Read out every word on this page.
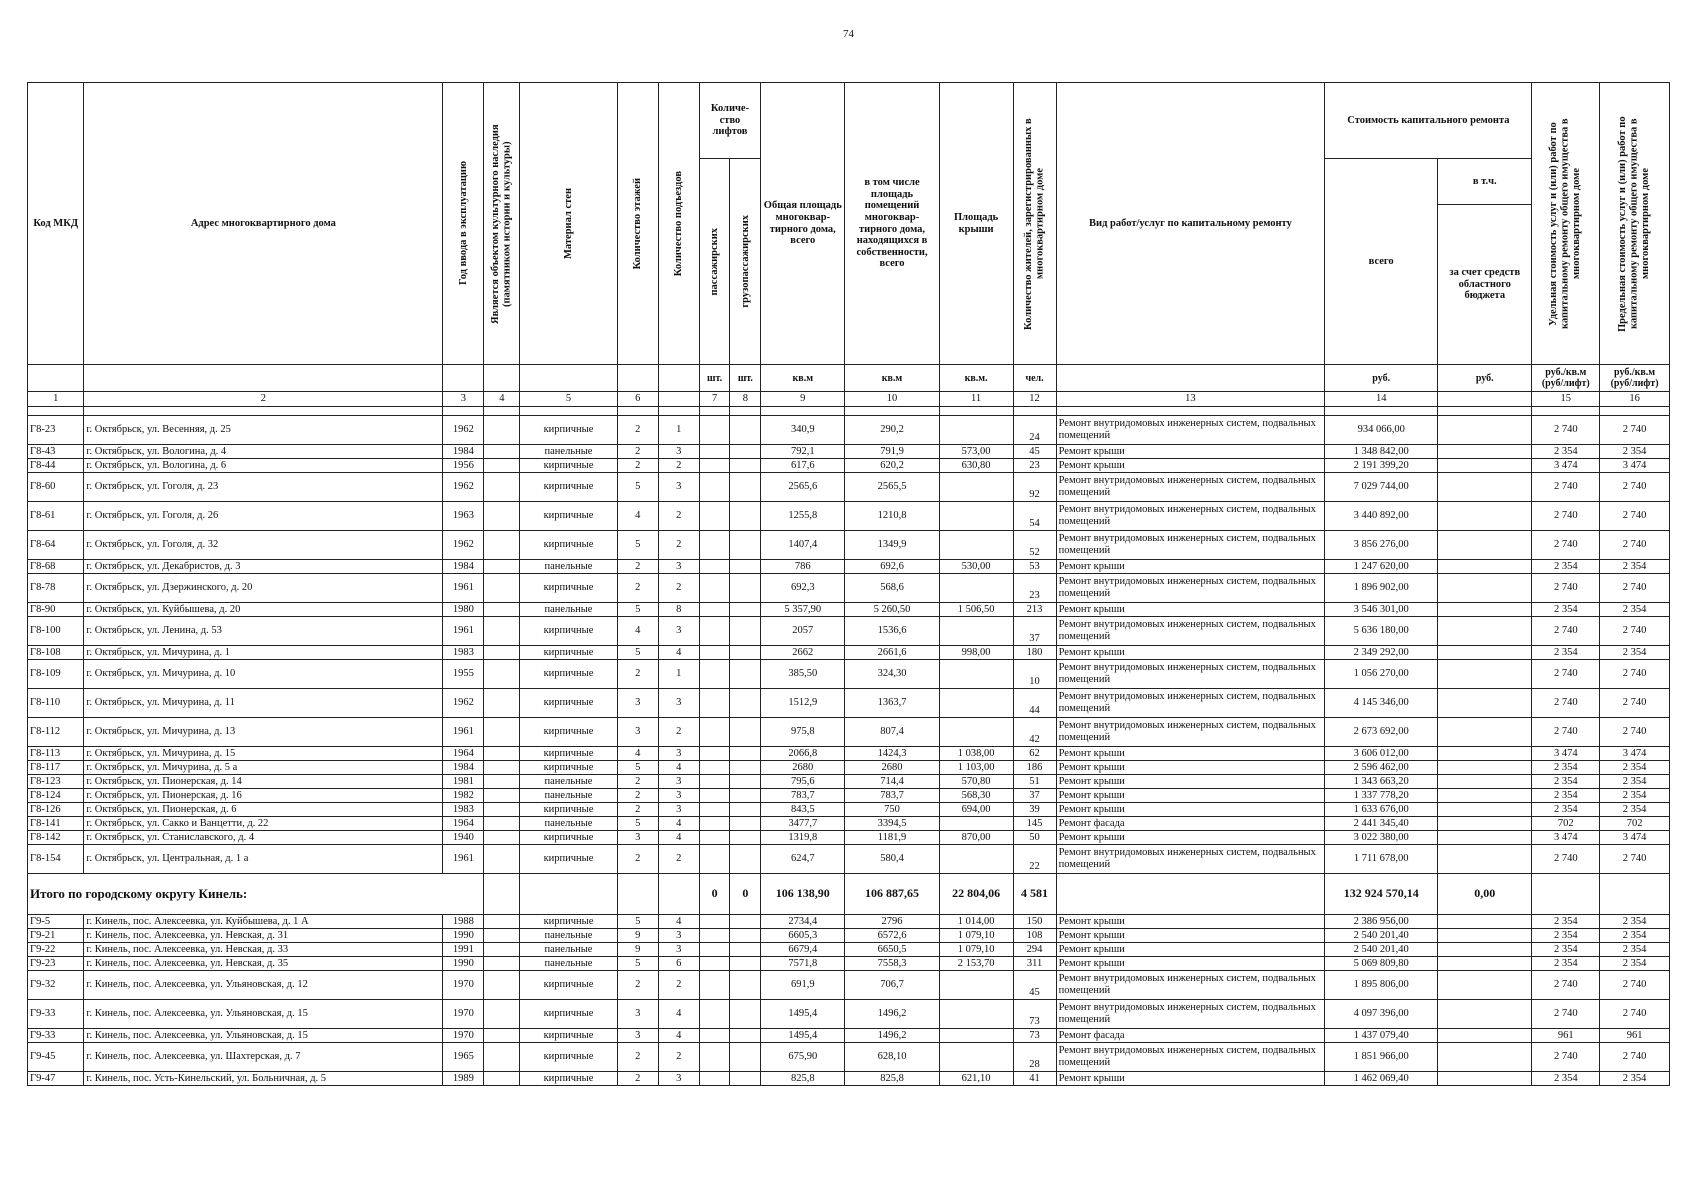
74
Код МКД	Адрес многоквартирного дома	Год ввода в эксплуатацию	Является объектом культурного наследия (памятником истории и культуры)	Материал стен	Количество этажей	Количество подъездов	Количе-ство лифтов		Общая площадь многоквар-тирного дома, всего	в том числе площадь помещений многоквар-тирного дома, находящихся в собственности, всего	Площадь крыши	Количество жителей, зарегистрированных в многоквартирном доме	Вид работ/услуг по капитальному ремонту	Стоимость капитального ремонта		Удельная стоимость услуг и (или) работ по капитальному ремонту общего имущества в многоквартирном доме	Предельная стоимость услуг и (или) работ по капитальному ремонту общего имущества в многоквартирном доме

							пассажирских	грузопассажирских						всего	в т.ч.		
															за счет средств областного бюджета		
							шт.	шт.	кв.м	кв.м	кв.м.	чел.		руб.	руб.	руб./кв.м (руб/лифт)	руб./кв.м (руб/лифт)
1	2	3	4	5	6		7	8	9	10	11	12	13	14		15	16

Г8-23	г. Октябрьск, ул. Весенняя, д. 25	1962		кирпичные	2	1			340,9	290,2		24	Ремонт внутридомовых инженерных систем, подвальных помещений	934 066,00		2 740	2 740
Г8-43	г. Октябрьск, ул. Вологина, д. 4	1984		панельные	2	3			792,1	791,9	573,00	45	Ремонт крыши	1 348 842,00		2 354	2 354
Г8-44	г. Октябрьск, ул. Вологина, д. 6	1956		кирпичные	2	2			617,6	620,2	630,80	23	Ремонт крыши	2 191 399,20		3 474	3 474
Г8-60	г. Октябрьск, ул. Гоголя, д. 23	1962		кирпичные	5	3			2565,6	2565,5		92	Ремонт внутридомовых инженерных систем, подвальных помещений	7 029 744,00		2 740	2 740
Г8-61	г. Октябрьск, ул. Гоголя, д. 26	1963		кирпичные	4	2			1255,8	1210,8		54	Ремонт внутридомовых инженерных систем, подвальных помещений	3 440 892,00		2 740	2 740
Г8-64	г. Октябрьск, ул. Гоголя, д. 32	1962		кирпичные	5	2			1407,4	1349,9		52	Ремонт внутридомовых инженерных систем, подвальных помещений	3 856 276,00		2 740	2 740
Г8-68	г. Октябрьск, ул. Декабристов, д. 3	1984		панельные	2	3			786	692,6	530,00	53	Ремонт крыши	1 247 620,00		2 354	2 354
Г8-78	г. Октябрьск, ул. Дзержинского, д. 20	1961		кирпичные	2	2			692,3	568,6		23	Ремонт внутридомовых инженерных систем, подвальных помещений	1 896 902,00		2 740	2 740
Г8-90	г. Октябрьск, ул. Куйбышева, д. 20	1980		панельные	5	8			5 357,90	5 260,50	1 506,50	213	Ремонт крыши	3 546 301,00		2 354	2 354
Г8-100	г. Октябрьск, ул. Ленина, д. 53	1961		кирпичные	4	3			2057	1536,6		37	Ремонт внутридомовых инженерных систем, подвальных помещений	5 636 180,00		2 740	2 740
Г8-108	г. Октябрьск, ул. Мичурина, д. 1	1983		кирпичные	5	4			2662	2661,6	998,00	180	Ремонт крыши	2 349 292,00		2 354	2 354
Г8-109	г. Октябрьск, ул. Мичурина, д. 10	1955		кирпичные	2	1			385,50	324,30		10	Ремонт внутридомовых инженерных систем, подвальных помещений	1 056 270,00		2 740	2 740
Г8-110	г. Октябрьск, ул. Мичурина, д. 11	1962		кирпичные	3	3			1512,9	1363,7		44	Ремонт внутридомовых инженерных систем, подвальных помещений	4 145 346,00		2 740	2 740
Г8-112	г. Октябрьск, ул. Мичурина, д. 13	1961		кирпичные	3	2			975,8	807,4		42	Ремонт внутридомовых инженерных систем, подвальных помещений	2 673 692,00		2 740	2 740
Г8-113	г. Октябрьск, ул. Мичурина, д. 15	1964		кирпичные	4	3			2066,8	1424,3	1 038,00	62	Ремонт крыши	3 606 012,00		3 474	3 474
Г8-117	г. Октябрьск, ул. Мичурина, д. 5 а	1984		кирпичные	5	4			2680	2680	1 103,00	186	Ремонт крыши	2 596 462,00		2 354	2 354
Г8-123	г. Октябрьск, ул. Пионерская, д. 14	1981		панельные	2	3			795,6	714,4	570,80	51	Ремонт крыши	1 343 663,20		2 354	2 354
Г8-124	г. Октябрьск, ул. Пионерская, д. 16	1982		панельные	2	3			783,7	783,7	568,30	37	Ремонт крыши	1 337 778,20		2 354	2 354
Г8-126	г. Октябрьск, ул. Пионерская, д. 6	1983		кирпичные	2	3			843,5	750	694,00	39	Ремонт крыши	1 633 676,00		2 354	2 354
Г8-141	г. Октябрьск, ул. Сакко и Ванцетти, д. 22	1964		панельные	5	4			3477,7	3394,5		145	Ремонт фасада	2 441 345,40		702	702
Г8-142	г. Октябрьск, ул. Станиславского, д. 4	1940		кирпичные	3	4			1319,8	1181,9	870,00	50	Ремонт крыши	3 022 380,00		3 474	3 474
Г8-154	г. Октябрьск, ул. Центральная, д. 1 а	1961		кирпичные	2	2			624,7	580,4		22	Ремонт внутридомовых инженерных систем, подвальных помещений	1 711 678,00		2 740	2 740
Итого по городскому округу Кинель:							0	0	106 138,90	106 887,65	22 804,06	4 581		132 924 570,14	0,00		
Г9-5	г. Кинель, пос. Алексеевка, ул. Куйбышева, д. 1 А	1988		кирпичные	5	4			2734,4	2796	1 014,00	150	Ремонт крыши	2 386 956,00		2 354	2 354
Г9-21	г. Кинель, пос. Алексеевка, ул. Невская, д. 31	1990		панельные	9	3			6605,3	6572,6	1 079,10	108	Ремонт крыши	2 540 201,40		2 354	2 354
Г9-22	г. Кинель, пос. Алексеевка, ул. Невская, д. 33	1991		панельные	9	3			6679,4	6650,5	1 079,10	294	Ремонт крыши	2 540 201,40		2 354	2 354
Г9-23	г. Кинель, пос. Алексеевка, ул. Невская, д. 35	1990		панельные	5	6			7571,8	7558,3	2 153,70	311	Ремонт крыши	5 069 809,80		2 354	2 354
Г9-32	г. Кинель, пос. Алексеевка, ул. Ульяновская, д. 12	1970		кирпичные	2	2			691,9	706,7		45	Ремонт внутридомовых инженерных систем, подвальных помещений	1 895 806,00		2 740	2 740
Г9-33	г. Кинель, пос. Алексеевка, ул. Ульяновская, д. 15	1970		кирпичные	3	4			1495,4	1496,2		73	Ремонт внутридомовых инженерных систем, подвальных помещений	4 097 396,00		2 740	2 740
Г9-33	г. Кинель, пос. Алексеевка, ул. Ульяновская, д. 15	1970		кирпичные	3	4			1495,4	1496,2		73	Ремонт фасада	1 437 079,40		961	961
Г9-45	г. Кинель, пос. Алексеевка, ул. Шахтерская, д. 7	1965		кирпичные	2	2			675,90	628,10		28	Ремонт внутридомовых инженерных систем, подвальных помещений	1 851 966,00		2 740	2 740
Г9-47	г. Кинель, пос. Усть-Кинельский, ул. Больничная, д. 5	1989		кирпичные	2	3			825,8	825,8	621,10	41	Ремонт крыши	1 462 069,40		2 354	2 354
